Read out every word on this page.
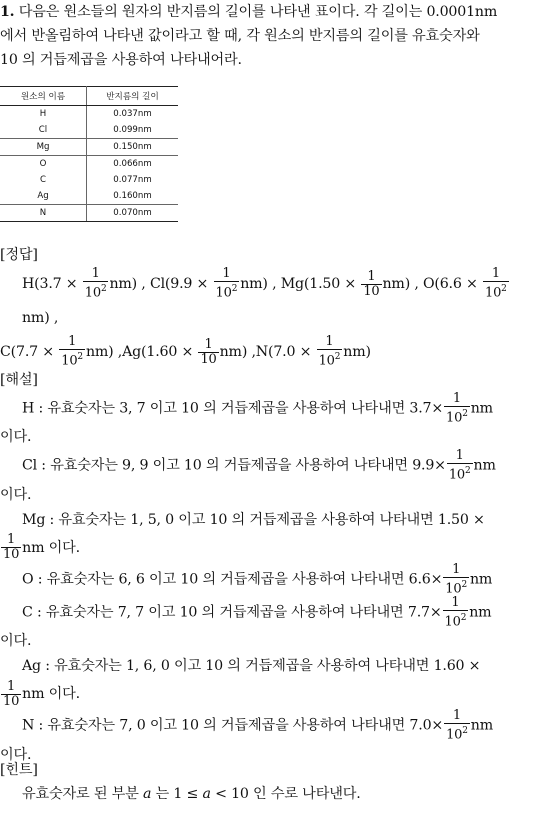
1. 다음은 원소들의 원자의 반지름의 길이를 나타낸 표이다. 각 길이는 0.0001nm
에서 반올림하여 나타낸 값이라고 할 때, 각 원소의 반지름의 길이를 유효숫자와
10 의 거듭제곱을 사용하여 나타내어라.
원소의 이름	반지름의 길이
H	0.037nm
Cl	0.099nm
Mg	0.150nm
O	0.066nm
C	0.077nm
Ag	0.160nm
N	0.070nm
[정답]
$H(3.7 \times \frac{1}{10^2} nm)$ , $Cl(9.9 \times \frac{1}{10^2} nm)$ , $Mg(1.50 \times \frac{1}{10} nm)$ , $O(6.6 \times \frac{1}{10^2}$
nm) ,
$C(7.7 \times \frac{1}{10^2} nm)$ $,Ag(1.60 \times \frac{1}{10} nm)$ $,N(7.0 \times \frac{1}{10^2} nm)$
[해설]
H : 유효숫자는 3, 7 이고 10 의 거듭제곱을 사용하여 나타내면 $3.7\times \frac{1}{10^2}$ nm
이다.
Cl : 유효숫자는 9, 9 이고 10 의 거듭제곱을 사용하여 나타내면 $9.9\times \frac{1}{10^2}$ nm
이다.
Mg : 유효숫자는 1, 5, 0 이고 10 의 거듭제곱을 사용하여 나타내면 1.50 ×
$\frac{1}{10}$ nm 이다.
O : 유효숫자는 6, 6 이고 10 의 거듭제곱을 사용하여 나타내면 $6.6\times \frac{1}{10^2}$ nm
C : 유효숫자는 7, 7 이고 10 의 거듭제곱을 사용하여 나타내면 $7.7\times \frac{1}{10^2}$ nm
이다.
Ag : 유효숫자는 1, 6, 0 이고 10 의 거듭제곱을 사용하여 나타내면 1.60 ×
$\frac{1}{10}$ nm 이다.
N : 유효숫자는 7, 0 이고 10 의 거듭제곱을 사용하여 나타내면 $7.0\times \frac{1}{10^2}$ nm
이다.
[힌트]
유효숫자로 된 부분 a 는 1 ≤ a < 10 인 수로 나타낸다.
